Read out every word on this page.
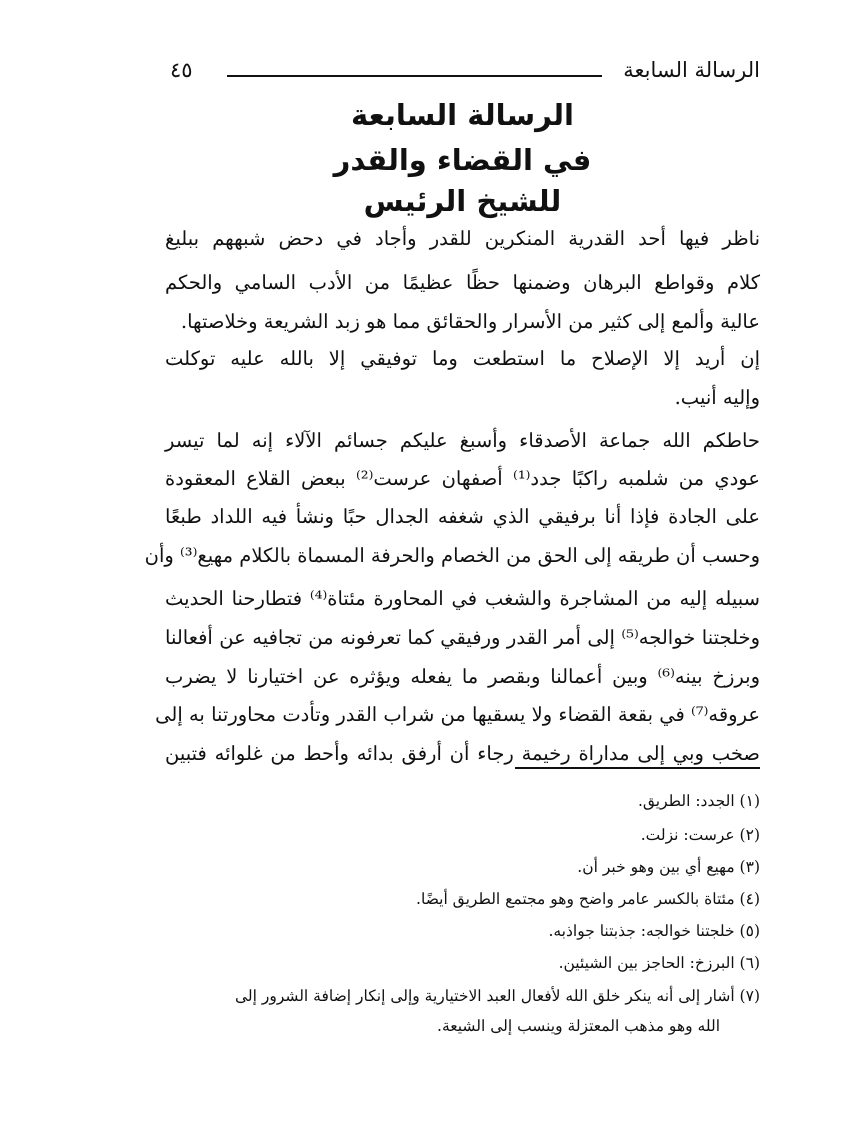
الرسالة السابعة
٤٥
الرسالة السابعة
في القضاء والقدر
للشيخ الرئيس
ناظر فيها أحد القدرية المنكرين للقدر وأجاد في دحض شبههم ببليغ
كلام وقواطع البرهان وضمنها حظًا عظيمًا من الأدب السامي والحكم
عالية وألمع إلى كثير من الأسرار والحقائق مما هو زبد الشريعة وخلاصتها.
إن أريد إلا الإصلاح ما استطعت وما توفيقي إلا بالله عليه توكلت
وإليه أنيب.
حاطكم الله جماعة الأصدقاء وأسبغ عليكم جسائم الآلاء إنه لما تيسر
عودي من شلمبه راكبًا جدد⁽¹⁾ أصفهان عرست⁽²⁾ ببعض القلاع المعقودة
على الجادة فإذا أنا برفيقي الذي شغفه الجدال حبًا ونشأ فيه اللداد طبعًا
وحسب أن طريقه إلى الحق من الخصام والحرفة المسماة بالكلام مهيع⁽³⁾ وأن
سبيله إليه من المشاجرة والشغب في المحاورة مئتاة⁽⁴⁾ فتطارحنا الحديث
وخلجتنا خوالجه⁽⁵⁾ إلى أمر القدر ورفيقي كما تعرفونه من تجافيه عن أفعالنا
وبرزخ بينه⁽⁶⁾ وبين أعمالنا وبقصر ما يفعله ويؤثره عن اختيارنا لا يضرب
عروقه⁽⁷⁾ في بقعة القضاء ولا يسقيها من شراب القدر وتأدت محاورتنا به إلى
صخب وبي إلى مداراة رخيمة رجاء أن أرفق بدائه وأحط من غلوائه فتبين
(١) الجدد: الطريق.
(٢) عرست: نزلت.
(٣) مهيع أي بين وهو خبر أن.
(٤) مئتاة بالكسر عامر واضح وهو مجتمع الطريق أيضًا.
(٥) خلجتنا خوالجه: جذبتنا جواذبه.
(٦) البرزخ: الحاجز بين الشيئين.
(٧) أشار إلى أنه ينكر خلق الله لأفعال العبد الاختيارية وإلى إنكار إضافة الشرور إلى
الله وهو مذهب المعتزلة وينسب إلى الشيعة.
